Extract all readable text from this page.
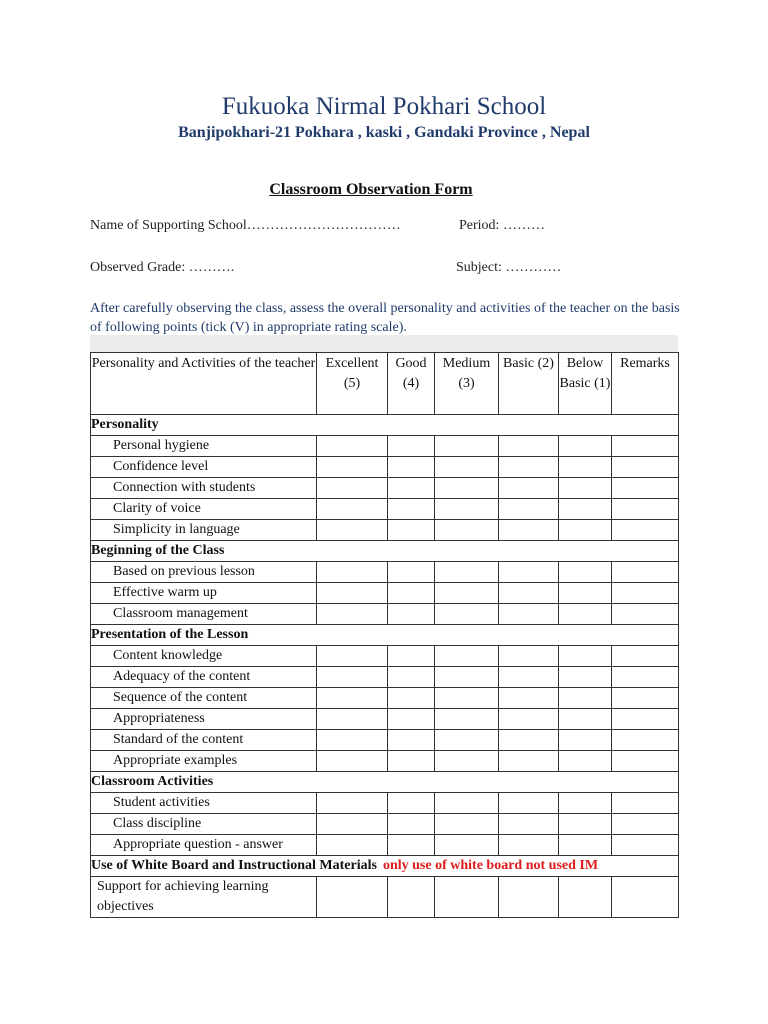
Fukuoka Nirmal Pokhari School
Banjipokhari-21 Pokhara , kaski , Gandaki Province , Nepal
Classroom Observation Form
Name of Supporting School……………………………	Period: ………
Observed Grade: ……….	Subject: …………
After carefully observing the class, assess the overall personality and activities of the teacher on the basis of following points (tick (V) in appropriate rating scale).
Personality and Activities of the teacher	Excellent (5)	Good (4)	Medium (3)	Basic (2)	Below Basic (1)	Remarks
Personality						
Personal hygiene						
Confidence level						
Connection with students						
Clarity of voice						
Simplicity in language						
Beginning of the Class						
Based on previous lesson						
Effective warm up						
Classroom management						
Presentation of the Lesson						
Content knowledge						
Adequacy of the content						
Sequence of the content						
Appropriateness						
Standard of the content						
Appropriate examples						
Classroom Activities						
Student activities						
Class discipline						
Appropriate question - answer						
Use of White Board and Instructional Materials only use of white board not used IM						
Support for achieving learning objectives						
